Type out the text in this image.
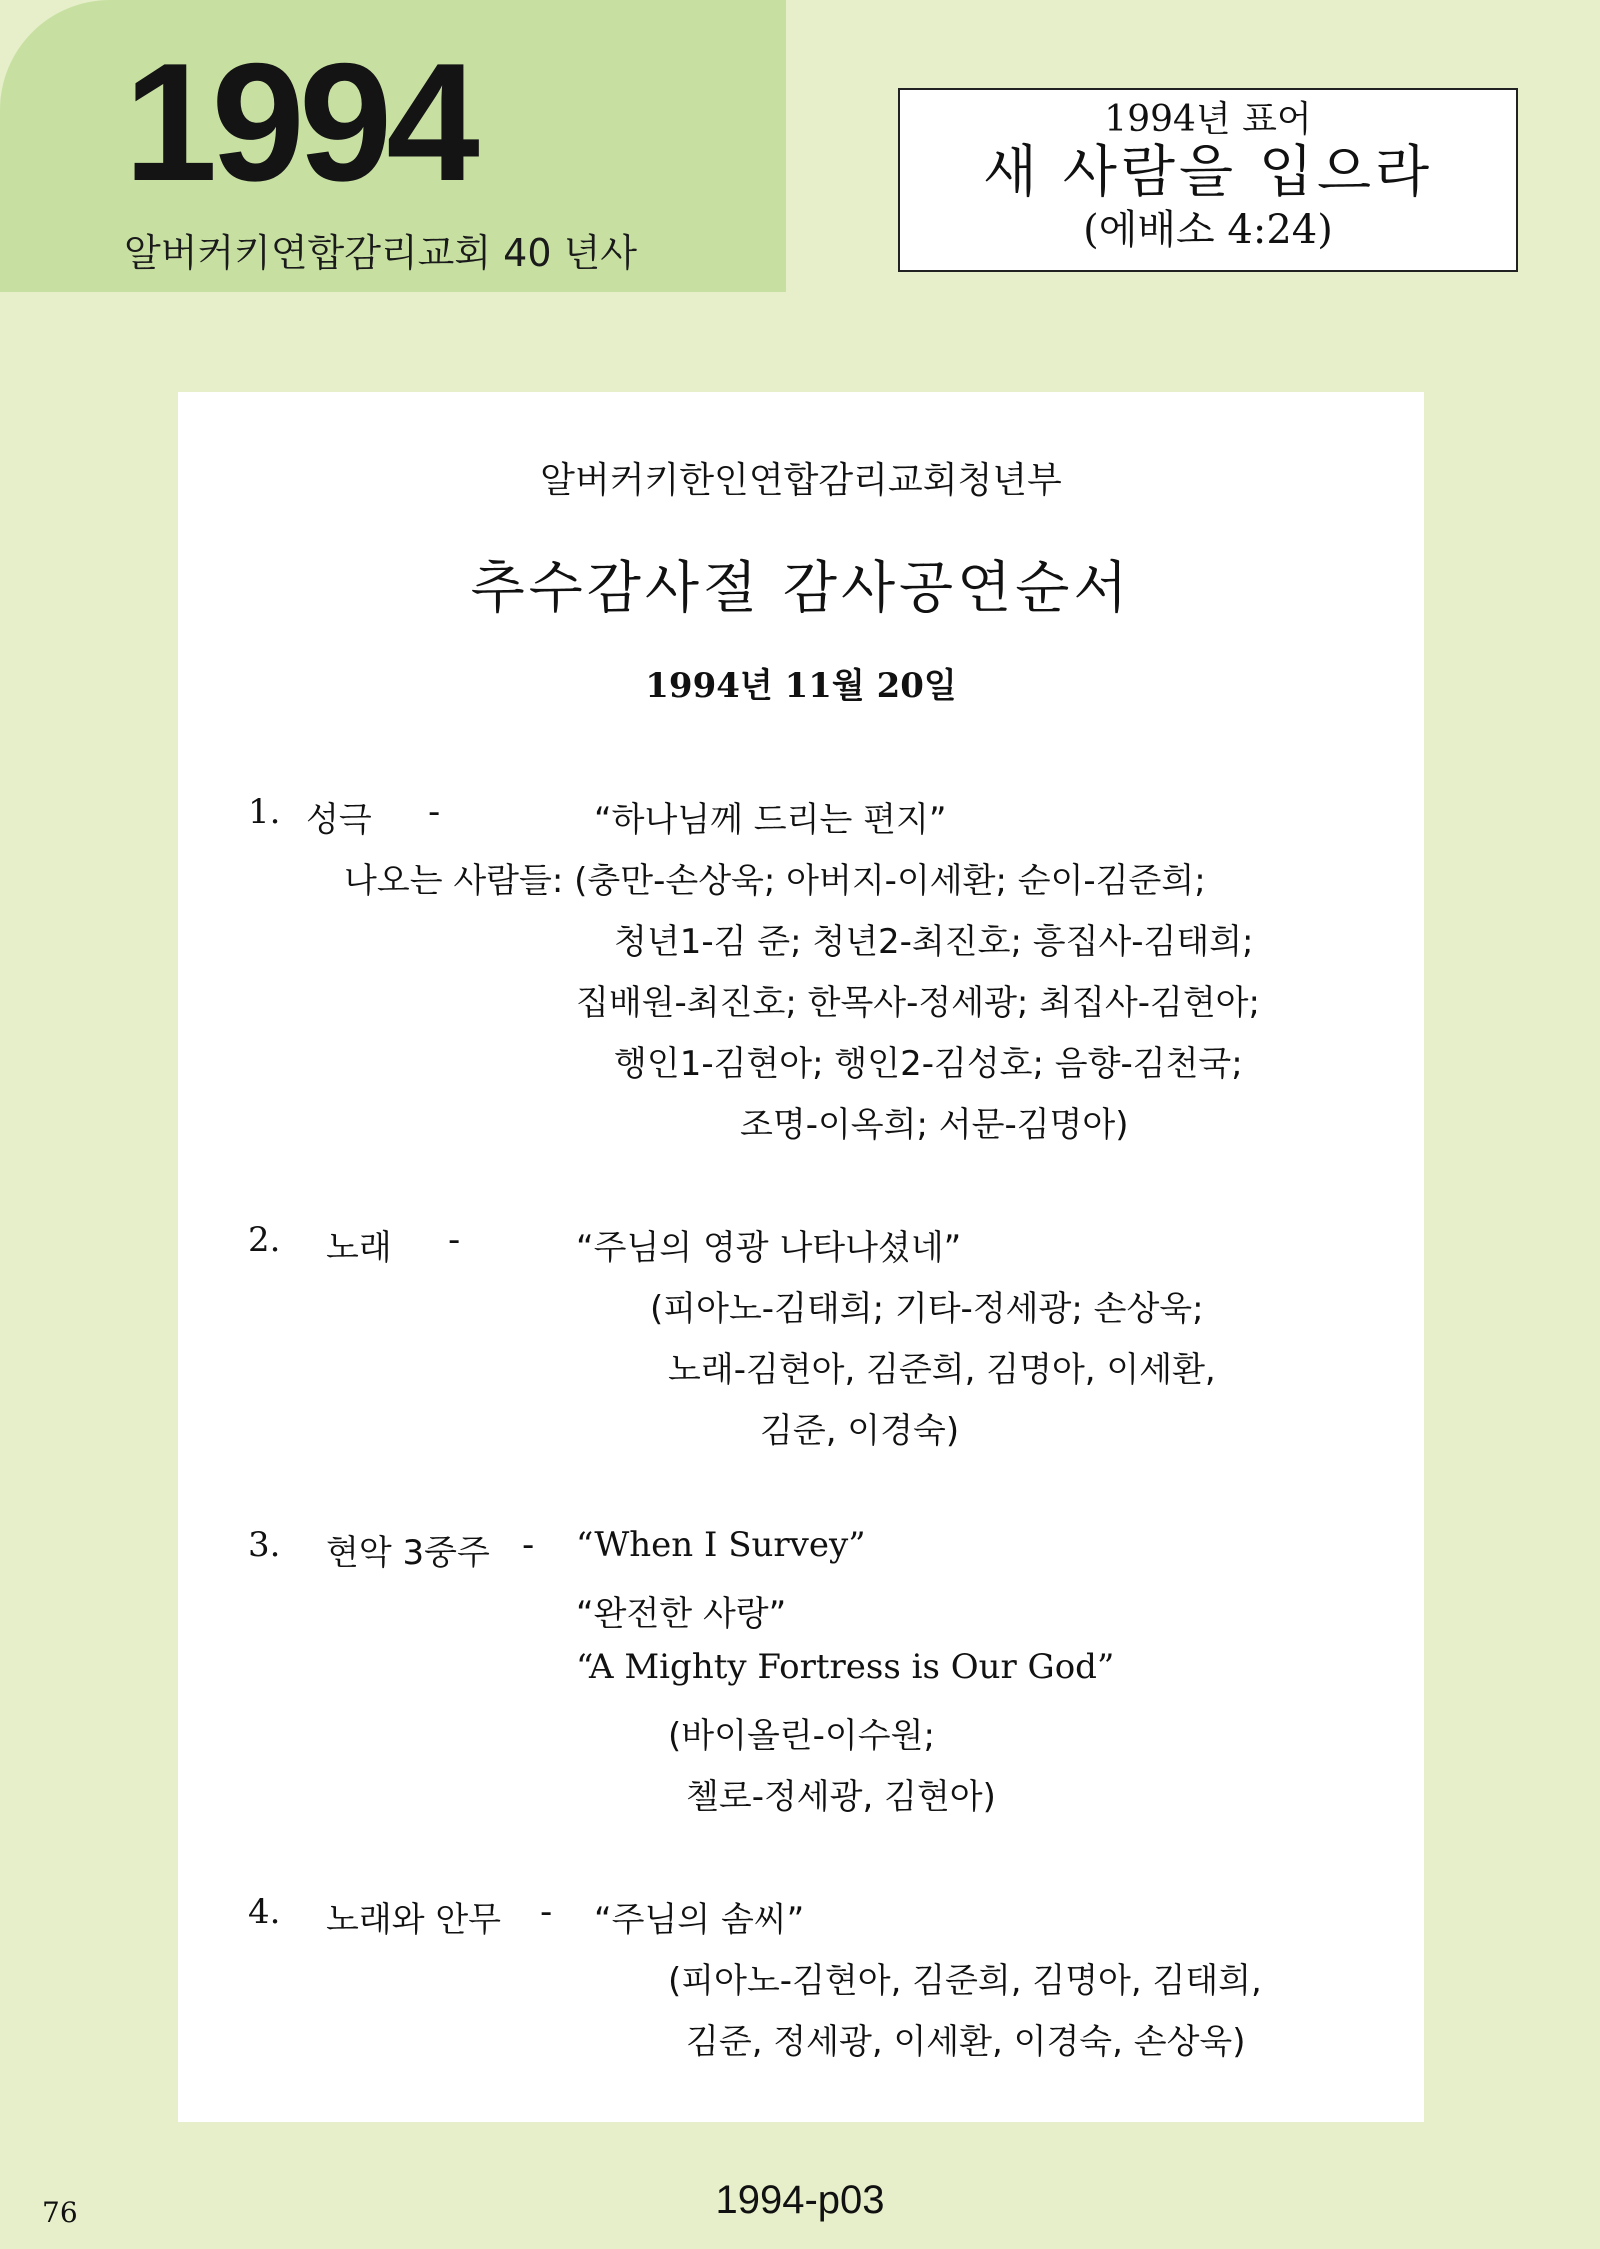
1994
알버커키연합감리교회 40 년사
1994년 표어
새 사람을 입으라
(에배소 4:24)
알버커키한인연합감리교회청년부
추수감사절 감사공연순서
1994년 11월 20일
1. 성극 -	“하나님께 드리는 편지”
나오는 사람들: (충만-손상욱; 아버지-이세환; 순이-김준희;
청년1-김 준; 청년2-최진호; 흥집사-김태희;
집배원-최진호; 한목사-정세광; 최집사-김현아;
행인1-김현아; 행인2-김성호; 음향-김천국;
조명-이옥희; 서문-김명아)
2. 노래 -	“주님의 영광 나타나셨네”
(피아노-김태희; 기타-정세광; 손상욱;
노래-김현아, 김준희, 김명아, 이세환,
김준, 이경숙)
3. 현악 3중주 - “When I Survey”
“완전한 사랑”
“A Mighty Fortress is Our God”
(바이올린-이수원;
첼로-정세광, 김현아)
4. 노래와 안무 - “주님의 솜씨”
(피아노-김현아, 김준희, 김명아, 김태희,
김준, 정세광, 이세환, 이경숙, 손상욱)
76	1994-p03
